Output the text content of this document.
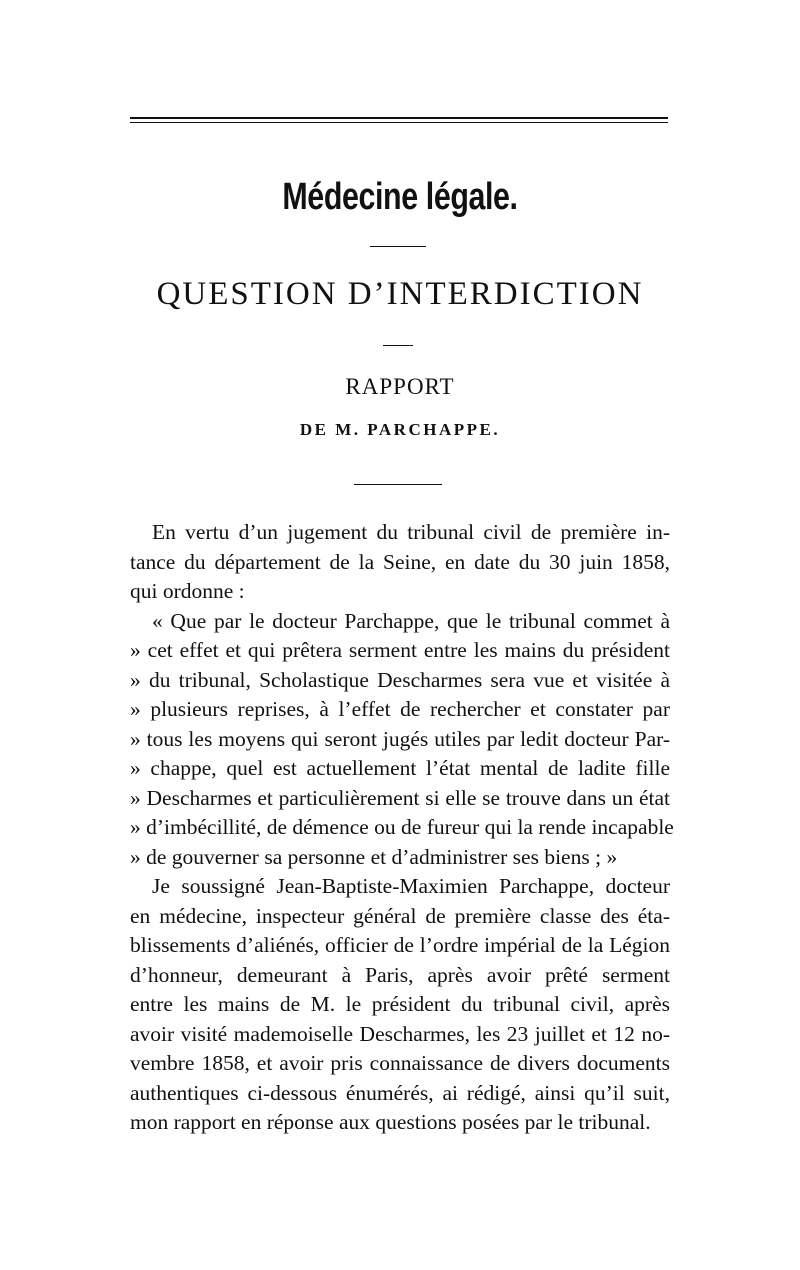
Médecine légale.
QUESTION D’INTERDICTION
RAPPORT
DE M. PARCHAPPE.
En vertu d’un jugement du tribunal civil de première in-
tance du département de la Seine, en date du 30 juin 1858,
qui ordonne :
« Que par le docteur Parchappe, que le tribunal commet à
» cet effet et qui prêtera serment entre les mains du président
» du tribunal, Scholastique Descharmes sera vue et visitée à
» plusieurs reprises, à l’effet de rechercher et constater par
» tous les moyens qui seront jugés utiles par ledit docteur Par-
» chappe, quel est actuellement l’état mental de ladite fille
» Descharmes et particulièrement si elle se trouve dans un état
» d’imbécillité, de démence ou de fureur qui la rende incapable
» de gouverner sa personne et d’administrer ses biens ; »
Je soussigné Jean-Baptiste-Maximien Parchappe, docteur
en médecine, inspecteur général de première classe des éta-
blissements d’aliénés, officier de l’ordre impérial de la Légion
d’honneur, demeurant à Paris, après avoir prêté serment
entre les mains de M. le président du tribunal civil, après
avoir visité mademoiselle Descharmes, les 23 juillet et 12 no-
vembre 1858, et avoir pris connaissance de divers documents
authentiques ci-dessous énumérés, ai rédigé, ainsi qu’il suit,
mon rapport en réponse aux questions posées par le tribunal.
